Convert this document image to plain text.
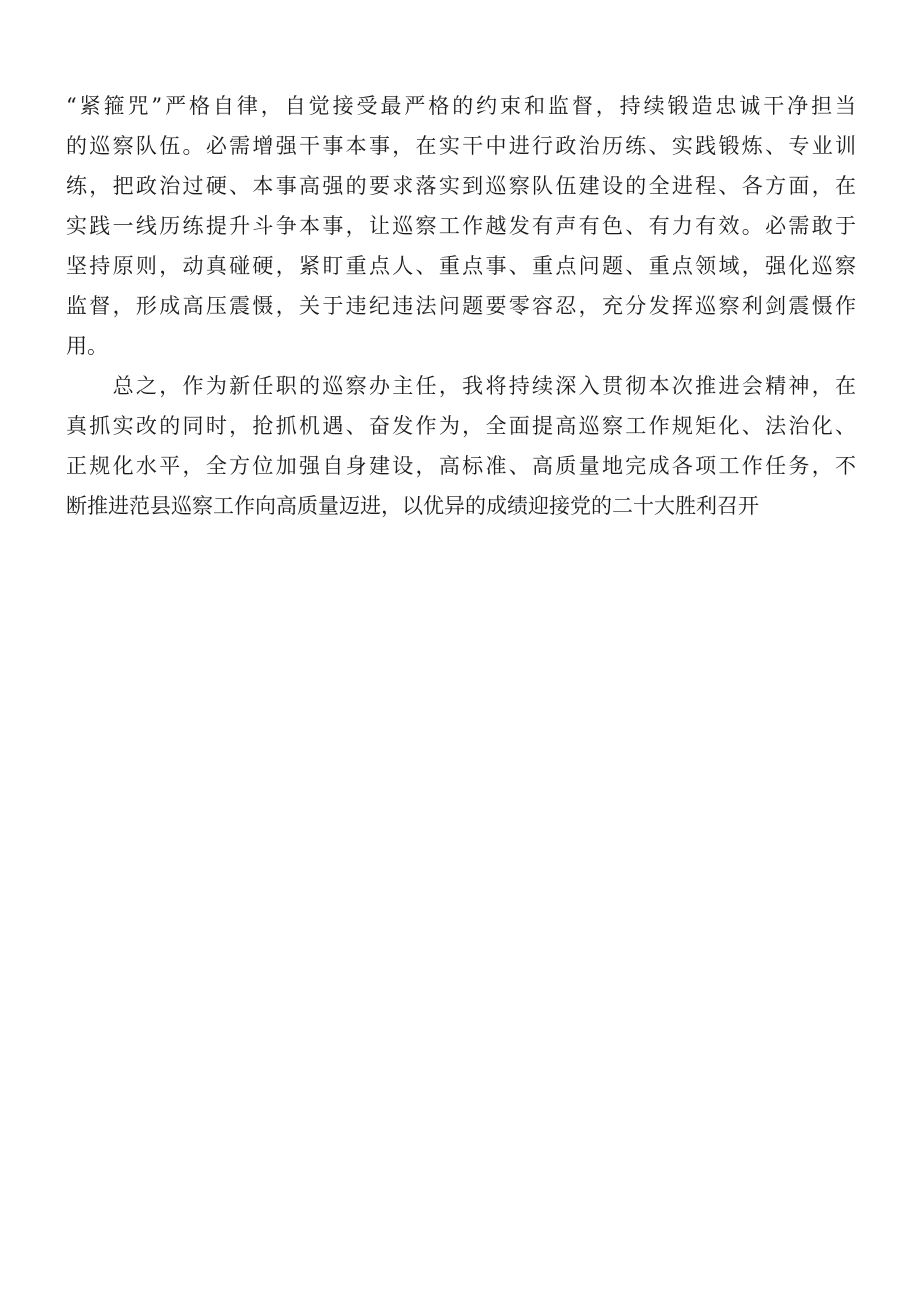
“紧箍咒”严格自律，自觉接受最严格的约束和监督，持续锻造忠诚干净担当
的巡察队伍。必需增强干事本事，在实干中进行政治历练、实践锻炼、专业训
练，把政治过硬、本事高强的要求落实到巡察队伍建设的全进程、各方面，在
实践一线历练提升斗争本事，让巡察工作越发有声有色、有力有效。必需敢于
坚持原则，动真碰硬，紧盯重点人、重点事、重点问题、重点领域，强化巡察
监督，形成高压震慑，关于违纪违法问题要零容忍，充分发挥巡察利剑震慑作
用。
　　总之，作为新任职的巡察办主任，我将持续深入贯彻本次推进会精神，在
真抓实改的同时，抢抓机遇、奋发作为，全面提高巡察工作规矩化、法治化、
正规化水平，全方位加强自身建设，高标准、高质量地完成各项工作任务，不
断推进范县巡察工作向高质量迈进，以优异的成绩迎接党的二十大胜利召开
